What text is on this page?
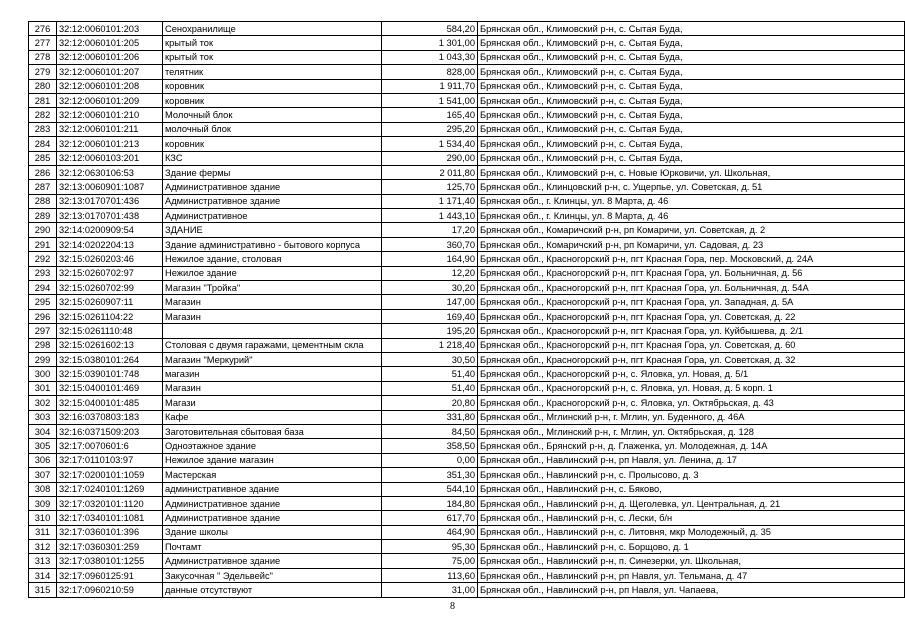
276	32:12:0060101:203	Сенохранилище	584,20	Брянская обл., Климовский р-н, с. Сытая Буда,
277	32:12:0060101:205	крытый ток	1 301,00	Брянская обл., Климовский р-н, с. Сытая Буда,
278	32:12:0060101:206	крытый ток	1 043,30	Брянская обл., Климовский р-н, с. Сытая Буда,
279	32:12:0060101:207	телятник	828,00	Брянская обл., Климовский р-н, с. Сытая Буда,
280	32:12:0060101:208	коровник	1 911,70	Брянская обл., Климовский р-н, с. Сытая Буда,
281	32:12:0060101:209	коровник	1 541,00	Брянская обл., Климовский р-н, с. Сытая Буда,
282	32:12:0060101:210	Молочный блок	165,40	Брянская обл., Климовский р-н, с. Сытая Буда,
283	32:12:0060101:211	молочный блок	295,20	Брянская обл., Климовский р-н, с. Сытая Буда,
284	32:12:0060101:213	коровник	1 534,40	Брянская обл., Климовский р-н, с. Сытая Буда,
285	32:12:0060103:201	КЗС	290,00	Брянская обл., Климовский р-н, с. Сытая Буда,
286	32:12:0630106:53	Здание фермы	2 011,80	Брянская обл., Климовский р-н, с. Новые Юрковичи, ул. Школьная,
287	32:13:0060901:1087	Административное здание	125,70	Брянская обл., Клинцовский р-н, с. Ущерпье, ул. Советская, д. 51
288	32:13:0170701:436	Административное здание	1 171,40	Брянская обл., г. Клинцы, ул. 8 Марта, д. 46
289	32:13:0170701:438	Административное	1 443,10	Брянская обл., г. Клинцы, ул. 8 Марта, д. 46
290	32:14:0200909:54	ЗДАНИЕ	17,20	Брянская обл., Комаричский р-н, рп Комаричи, ул. Советская, д. 2
291	32:14:0202204:13	Здание административно - бытового корпуса	360,70	Брянская обл., Комаричский р-н, рп Комаричи, ул. Садовая, д. 23
292	32:15:0260203:46	Нежилое здание, столовая	164,90	Брянская обл., Красногорский р-н, пгт Красная Гора, пер. Московский, д. 24А
293	32:15:0260702:97	Нежилое здание	12,20	Брянская обл., Красногорский р-н, пгт Красная Гора, ул. Больничная, д. 56
294	32:15:0260702:99	Магазин "Тройка"	30,20	Брянская обл., Красногорский р-н, пгт Красная Гора, ул. Больничная, д. 54А
295	32:15:0260907:11	Магазин	147,00	Брянская обл., Красногорский р-н, пгт Красная Гора, ул. Западная, д. 5А
296	32:15:0261104:22	Магазин	169,40	Брянская обл., Красногорский р-н, пгт Красная Гора, ул. Советская, д. 22
297	32:15:0261110:48		195,20	Брянская обл., Красногорский р-н, пгт Красная Гора, ул. Куйбышева, д. 2/1
298	32:15:0261602:13	Столовая с двумя гаражами, цементным скла	1 218,40	Брянская обл., Красногорский р-н, пгт Красная Гора, ул. Советская, д. 60
299	32:15:0380101:264	Магазин "Меркурий"	30,50	Брянская обл., Красногорский р-н, пгт Красная Гора, ул. Советская, д. 32
300	32:15:0390101:748	магазин	51,40	Брянская обл., Красногорский р-н, с. Яловка, ул. Новая, д. 5/1
301	32:15:0400101:469	Магазин	51,40	Брянская обл., Красногорский р-н, с. Яловка, ул. Новая, д. 5 корп. 1
302	32:15:0400101:485	Магази	20,80	Брянская обл., Красногорский р-н, с. Яловка, ул. Октябрьская, д. 43
303	32:16:0370803:183	Кафе	331,80	Брянская обл., Мглинский р-н, г. Мглин, ул. Буденного, д. 46А
304	32:16:0371509:203	Заготовительная сбытовая база	84,50	Брянская обл., Мглинский р-н, г. Мглин, ул. Октябрьская, д. 128
305	32:17:0070601:6	Одноэтажное здание	358,50	Брянская обл., Брянский р-н, д. Глаженка, ул. Молодежная, д. 14А
306	32:17:0110103:97	Нежилое здание магазин	0,00	Брянская обл., Навлинский р-н, рп Навля, ул. Ленина, д. 17
307	32:17:0200101:1059	Мастерская	351,30	Брянская обл., Навлинский р-н, с. Пролысово, д. 3
308	32:17:0240101:1269	административное здание	544,10	Брянская обл., Навлинский р-н, с. Бяково,
309	32:17:0320101:1120	Административное здание	184,80	Брянская обл., Навлинский р-н, д. Щеголевка, ул. Центральная, д. 21
310	32:17:0340101:1081	Административное здание	617,70	Брянская обл., Навлинский р-н, с. Лески, б/н
311	32:17:0360101:396	Здание школы	464,90	Брянская обл., Навлинский р-н, с. Литовня, мкр Молодежный, д. 35
312	32:17:0360301:259	Почтамт	95,30	Брянская обл., Навлинский р-н, с. Борщово, д. 1
313	32:17:0380101:1255	Административное здание	75,00	Брянская обл., Навлинский р-н, п. Синезерки, ул. Школьная,
314	32:17:0960125:91	Закусочная " Эдельвейс"	113,60	Брянская обл., Навлинский р-н, рп Навля, ул. Тельмана, д. 47
315	32:17:0960210:59	данные отсутствуют	31,00	Брянская обл., Навлинский р-н, рп Навля, ул. Чапаева,
8
